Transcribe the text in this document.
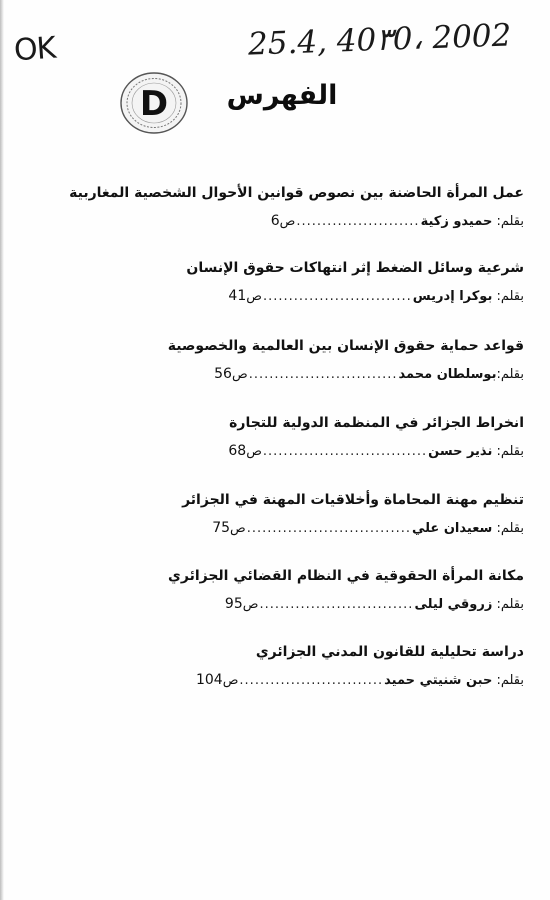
OK	25.4, 40٣0، 2002
D الفهرس
عمل المرأة الحاضنة بين نصوص قوانين الأحوال الشخصية المغاربية
بقلم: حميدو زكية
........................
ص6
شرعية وسائل الضغط إثر انتهاكات حقوق الإنسان
بقلم: بوكرا إدريس
.............................
ص41
قواعد حماية حقوق الإنسان بين العالمية والخصوصية
بقلم:بوسلطان محمد
.............................
ص56
انخراط الجزائر في المنظمة الدولية للتجارة
بقلم: نذير حسن
................................
ص68
تنظيم مهنة المحاماة وأخلاقيات المهنة في الجزائر
بقلم: سعيدان علي
................................
ص75
مكانة المرأة الحقوقية في النظام القضائي الجزائري
بقلم: زروقي ليلى
..............................
ص95
دراسة تحليلية للقانون المدني الجزائري
بقلم: حبن شنيتي حميد
............................
ص104
